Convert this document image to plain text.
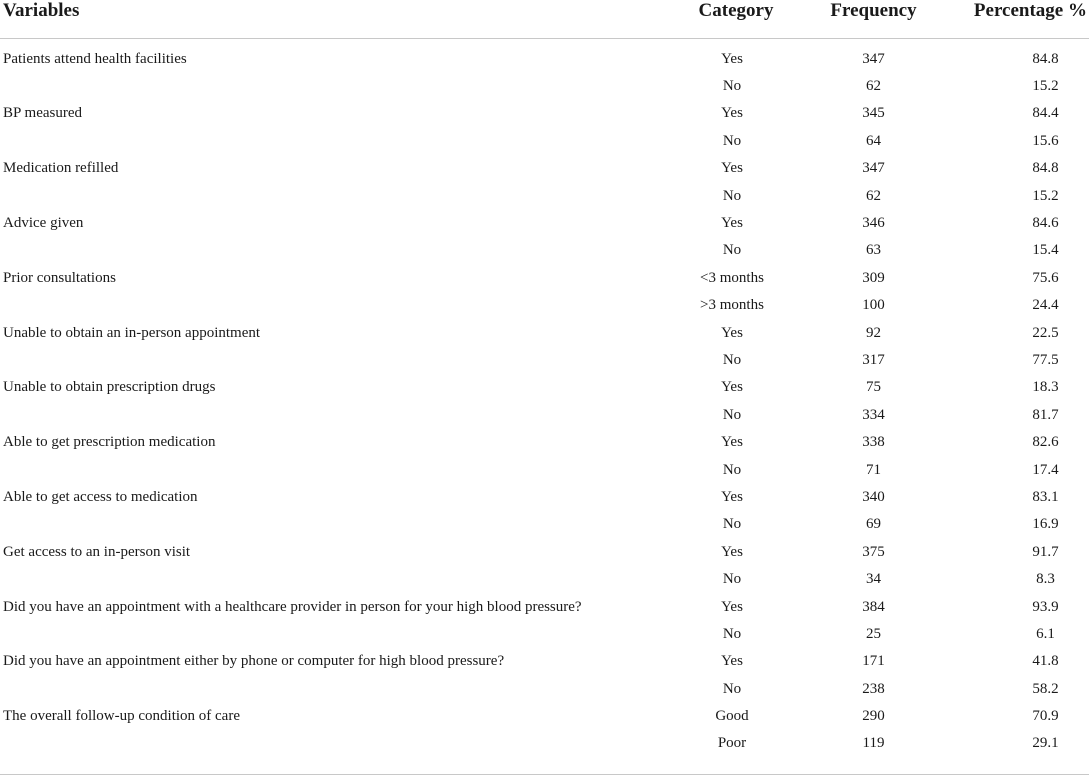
Variables	Category	Frequency	Percentage %
Patients attend health facilities	Yes	347	84.8
	No	62	15.2
BP measured	Yes	345	84.4
	No	64	15.6
Medication refilled	Yes	347	84.8
	No	62	15.2
Advice given	Yes	346	84.6
	No	63	15.4
Prior consultations	<3 months	309	75.6
	>3 months	100	24.4
Unable to obtain an in-person appointment	Yes	92	22.5
	No	317	77.5
Unable to obtain prescription drugs	Yes	75	18.3
	No	334	81.7
Able to get prescription medication	Yes	338	82.6
	No	71	17.4
Able to get access to medication	Yes	340	83.1
	No	69	16.9
Get access to an in-person visit	Yes	375	91.7
	No	34	8.3
Did you have an appointment with a healthcare provider in person for your high blood pressure?	Yes	384	93.9
	No	25	6.1
Did you have an appointment either by phone or computer for high blood pressure?	Yes	171	41.8
	No	238	58.2
The overall follow-up condition of care	Good	290	70.9
	Poor	119	29.1
